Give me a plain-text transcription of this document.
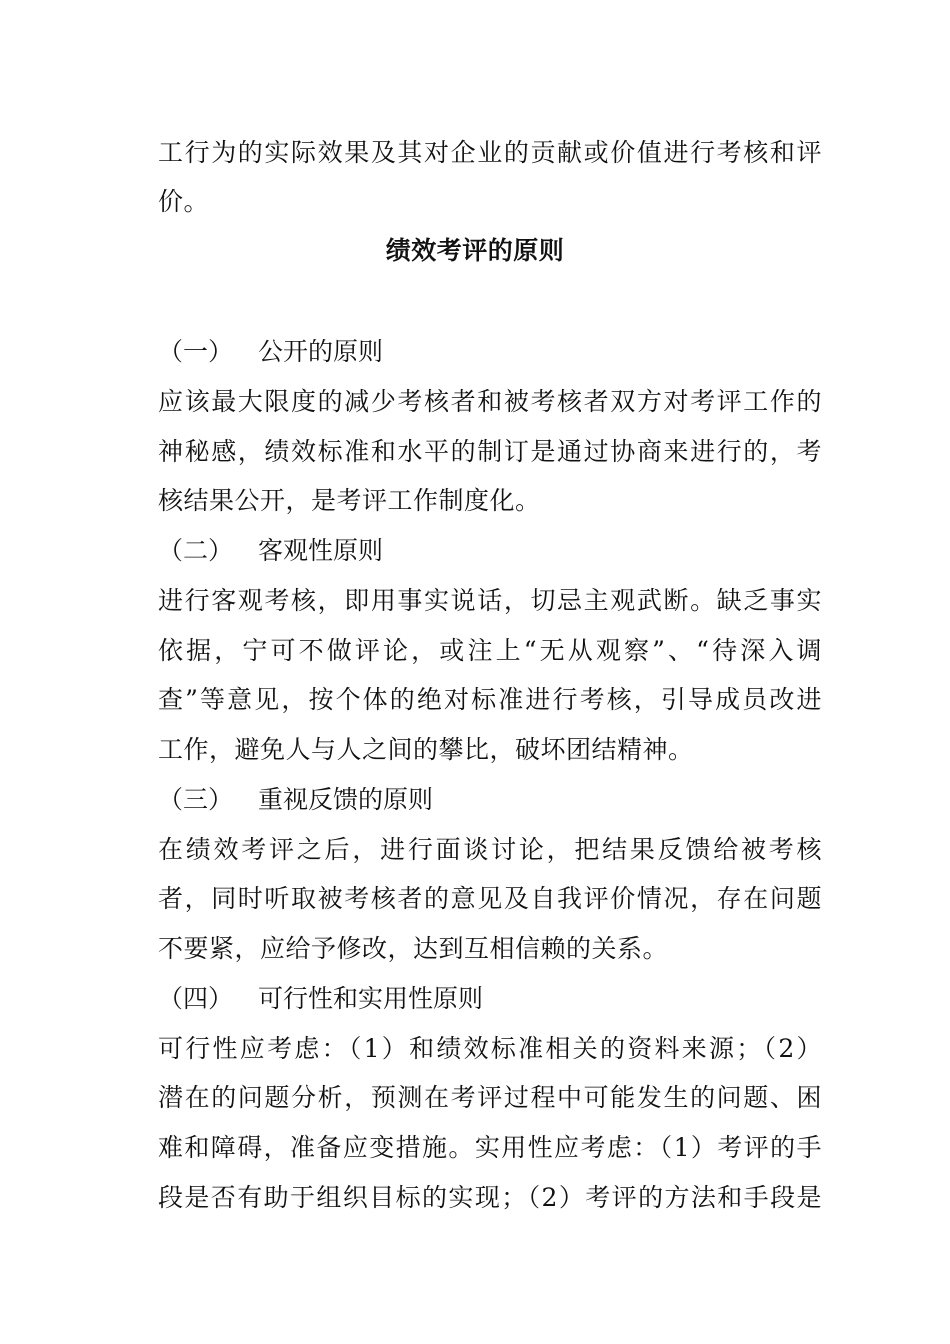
工行为的实际效果及其对企业的贡献或价值进行考核和评
价。
绩效考评的原则
（一） 公开的原则
应该最大限度的减少考核者和被考核者双方对考评工作的
神秘感，绩效标准和水平的制订是通过协商来进行的，考
核结果公开，是考评工作制度化。
（二） 客观性原则
进行客观考核，即用事实说话，切忌主观武断。缺乏事实
依据，宁可不做评论，或注上“无从观察”、“待深入调
查”等意见，按个体的绝对标准进行考核，引导成员改进
工作，避免人与人之间的攀比，破坏团结精神。
（三） 重视反馈的原则
在绩效考评之后，进行面谈讨论，把结果反馈给被考核
者，同时听取被考核者的意见及自我评价情况，存在问题
不要紧，应给予修改，达到互相信赖的关系。
（四） 可行性和实用性原则
可行性应考虑：（1）和绩效标准相关的资料来源；（2）
潜在的问题分析，预测在考评过程中可能发生的问题、困
难和障碍，准备应变措施。实用性应考虑：（1）考评的手
段是否有助于组织目标的实现；（2）考评的方法和手段是
